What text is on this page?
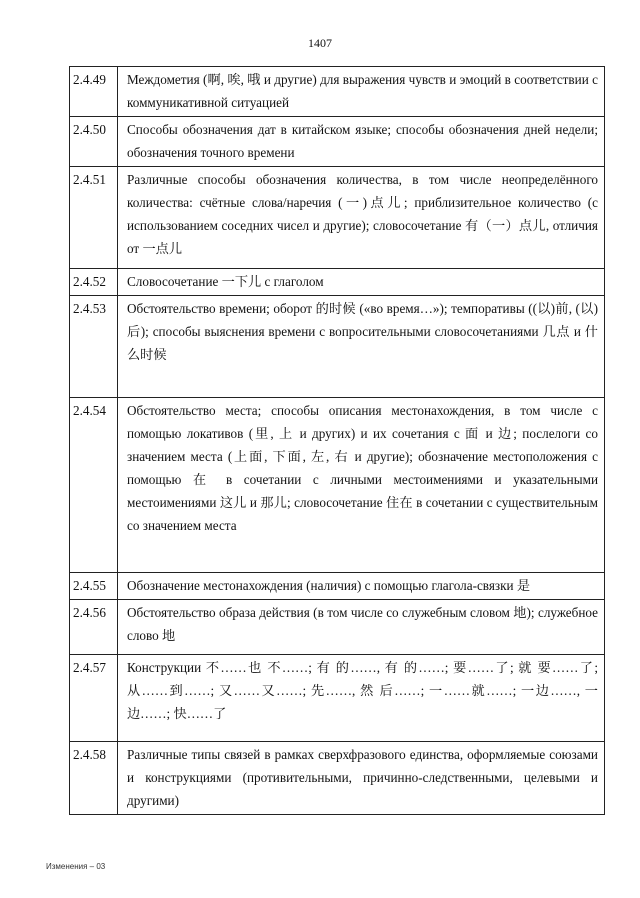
1407
2.4.49	Междометия (啊, 唉, 哦 и другие) для выражения чувств и эмоций в соответствии с коммуникативной ситуацией
2.4.50	Способы обозначения дат в китайском языке; способы обозначения дней недели; обозначения точного времени
2.4.51	Различные способы обозначения количества, в том числе неопределённого количества: счётные слова/наречия (一)点儿; приблизительное количество (с использованием соседних чисел и другие); словосочетание 有（一）点儿, отличия от 一点儿
2.4.52	Словосочетание 一下儿 с глаголом
2.4.53	Обстоятельство времени; оборот 的时候 («во время…»); темпоративы ((以)前, (以)后); способы выяснения времени с вопросительными словосочетаниями 几点 и 什么时候
2.4.54	Обстоятельство места; способы описания местонахождения, в том числе с помощью локативов (里, 上 и других) и их сочетания с 面 и 边; послелоги со значением места (上面, 下面, 左, 右 и другие); обозначение местоположения с помощью 在 в сочетании с личными местоимениями и указательными местоимениями 这儿 и 那儿; словосочетание 住在 в сочетании с существительным со значением места
2.4.55	Обозначение местонахождения (наличия) с помощью глагола-связки 是
2.4.56	Обстоятельство образа действия (в том числе со служебным словом 地); служебное слово 地
2.4.57	Конструкции 不……也 不……; 有 的……, 有 的……; 要……了; 就 要……了; 从……到……; 又……又……; 先……, 然 后……; 一……就……; 一边……, 一边……; 快……了
2.4.58	Различные типы связей в рамках сверхфразового единства, оформляемые союзами и конструкциями (противительными, причинно-следственными, целевыми и другими)
Изменения – 03
